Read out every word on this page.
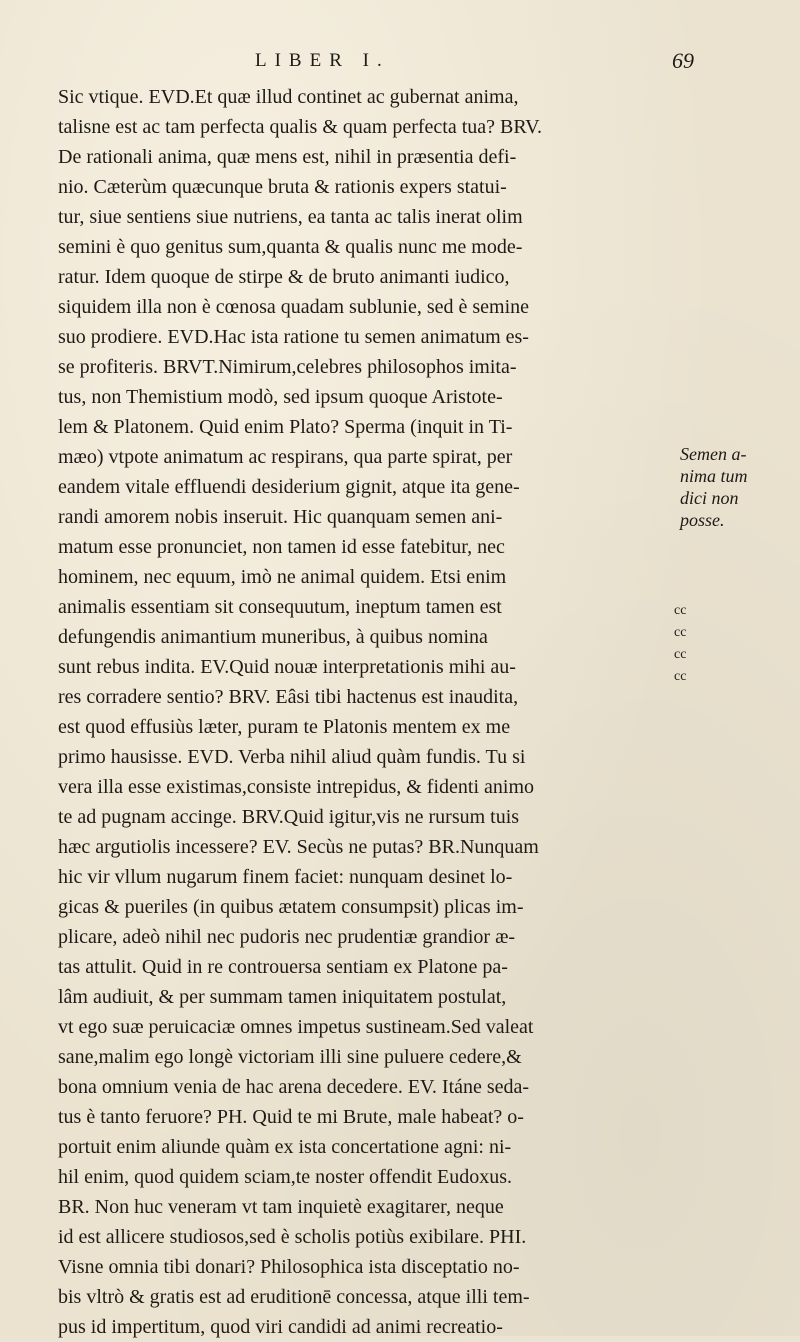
LIBER I.	69
Sic vtique. EVD.Et quæ illud continet ac gubernat anima,
talisne est ac tam perfecta qualis & quam perfecta tua? BRV.
De rationali anima, quæ mens est, nihil in præsentia defi-
nio. Cæterùm quæcunque bruta & rationis expers statui-
tur, siue sentiens siue nutriens, ea tanta ac talis inerat olim
semini è quo genitus sum,quanta & qualis nunc me mode-
ratur. Idem quoque de stirpe & de bruto animanti iudico,
siquidem illa non è cœnosa quadam sublunie, sed è semine
suo prodiere. EVD.Hac ista ratione tu semen animatum es-
se profiteris. BRVT.Nimirum,celebres philosophos imita-
tus, non Themistium modò, sed ipsum quoque Aristote-
lem & Platonem. Quid enim Plato? Sperma (inquit in Ti-
mæo) vtpote animatum ac respirans, qua parte spirat, per
eandem vitale effluendi desiderium gignit, atque ita gene-
randi amorem nobis inseruit. Hic quanquam semen ani-
matum esse pronunciet, non tamen id esse fatebitur, nec
hominem, nec equum, imò ne animal quidem. Etsi enim
animalis essentiam sit consequutum, ineptum tamen est
defungendis animantium muneribus, à quibus nomina
sunt rebus indita. EV.Quid nouæ interpretationis mihi au-
res corradere sentio? BRV. Eâsi tibi hactenus est inaudita,
est quod effusiùs læter, puram te Platonis mentem ex me
primo hausisse. EVD. Verba nihil aliud quàm fundis. Tu si
vera illa esse existimas,consiste intrepidus, & fidenti animo
te ad pugnam accinge. BRV.Quid igitur,vis ne rursum tuis
hæc argutiolis incessere? EV. Secùs ne putas? BR.Nunquam
hic vir vllum nugarum finem faciet: nunquam desinet lo-
gicas & pueriles (in quibus ætatem consumpsit) plicas im-
plicare, adeò nihil nec pudoris nec prudentiæ grandior æ-
tas attulit. Quid in re controuersa sentiam ex Platone pa-
lâm audiuit, & per summam tamen iniquitatem postulat,
vt ego suæ peruicaciæ omnes impetus sustineam.Sed valeat
sane,malim ego longè victoriam illi sine puluere cedere,&
bona omnium venia de hac arena decedere. EV. Itáne seda-
tus è tanto feruore? PH. Quid te mi Brute, male habeat? o-
portuit enim aliunde quàm ex ista concertatione agni: ni-
hil enim, quod quidem sciam,te noster offendit Eudoxus.
BR. Non huc veneram vt tam inquietè exagitarer, neque
id est allicere studiosos,sed è scholis potiùs exibilare. PHI.
Visne omnia tibi donari? Philosophica ista disceptatio no-
bis vltrò & gratis est ad eruditionē concessa, atque illi tem-
pus id impertitum, quod viri candidi ad animi recreatio-
Semen a-
nima tum
dici non
posse.
cc
cc
cc
cc
